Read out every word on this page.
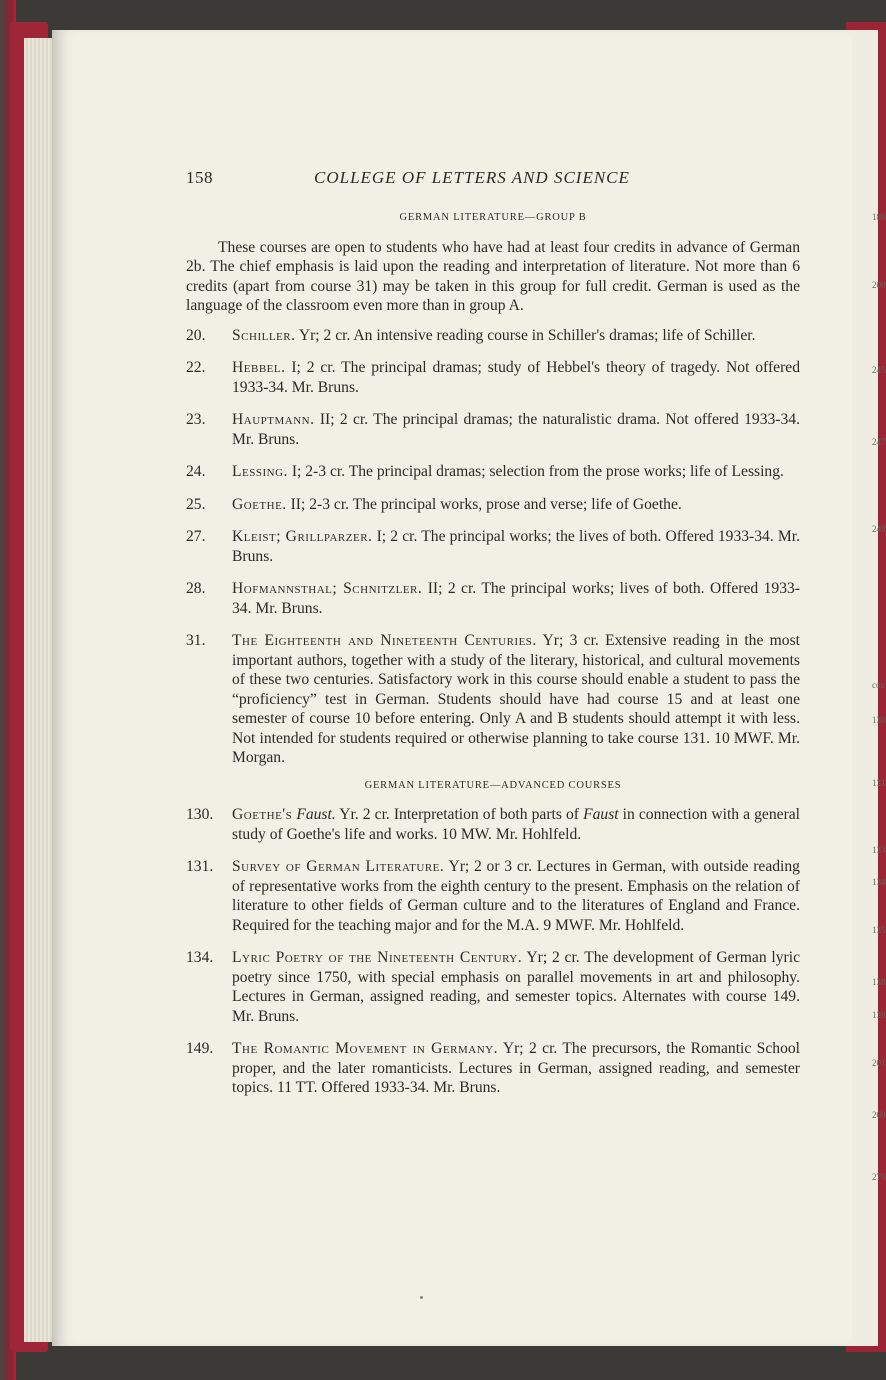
180
200
245
247
249
cou
130
131
133
134
135
138
139
201
269
270
158	COLLEGE OF LETTERS AND SCIENCE
GERMAN LITERATURE—GROUP B

These courses are open to students who have had at least four credits in advance of German 2b. The chief emphasis is laid upon the reading and interpretation of literature. Not more than 6 credits (apart from course 31) may be taken in this group for full credit. German is used as the language of the classroom even more than in group A.

20. Schiller. Yr; 2 cr. An intensive reading course in Schiller's dramas; life of Schiller.
22. Hebbel. I; 2 cr. The principal dramas; study of Hebbel's theory of tragedy. Not offered 1933-34. Mr. Bruns.
23. Hauptmann. II; 2 cr. The principal dramas; the naturalistic drama. Not offered 1933-34. Mr. Bruns.
24. Lessing. I; 2-3 cr. The principal dramas; selection from the prose works; life of Lessing.
25. Goethe. II; 2-3 cr. The principal works, prose and verse; life of Goethe.
27. Kleist; Grillparzer. I; 2 cr. The principal works; the lives of both. Offered 1933-34. Mr. Bruns.
28. Hofmannsthal; Schnitzler. II; 2 cr. The principal works; lives of both. Offered 1933-34. Mr. Bruns.
31. The Eighteenth and Nineteenth Centuries. Yr; 3 cr. Extensive reading in the most important authors, together with a study of the literary, historical, and cultural movements of these two centuries. Satisfactory work in this course should enable a student to pass the “proficiency” test in German. Students should have had course 15 and at least one semester of course 10 before entering. Only A and B students should attempt it with less. Not intended for students required or otherwise planning to take course 131. 10 MWF. Mr. Morgan.
GERMAN LITERATURE—ADVANCED COURSES
130. Goethe's Faust. Yr. 2 cr. Interpretation of both parts of Faust in connection with a general study of Goethe's life and works. 10 MW. Mr. Hohlfeld.
131. Survey of German Literature. Yr; 2 or 3 cr. Lectures in German, with outside reading of representative works from the eighth century to the present. Emphasis on the relation of literature to other fields of German culture and to the literatures of England and France. Required for the teaching major and for the M.A. 9 MWF. Mr. Hohlfeld.
134. Lyric Poetry of the Nineteenth Century. Yr; 2 cr. The development of German lyric poetry since 1750, with special emphasis on parallel movements in art and philosophy. Lectures in German, assigned reading, and semester topics. Alternates with course 149. Mr. Bruns.
149. The Romantic Movement in Germany. Yr; 2 cr. The precursors, the Romantic School proper, and the later romanticists. Lectures in German, assigned reading, and semester topics. 11 TT. Offered 1933-34. Mr. Bruns.
